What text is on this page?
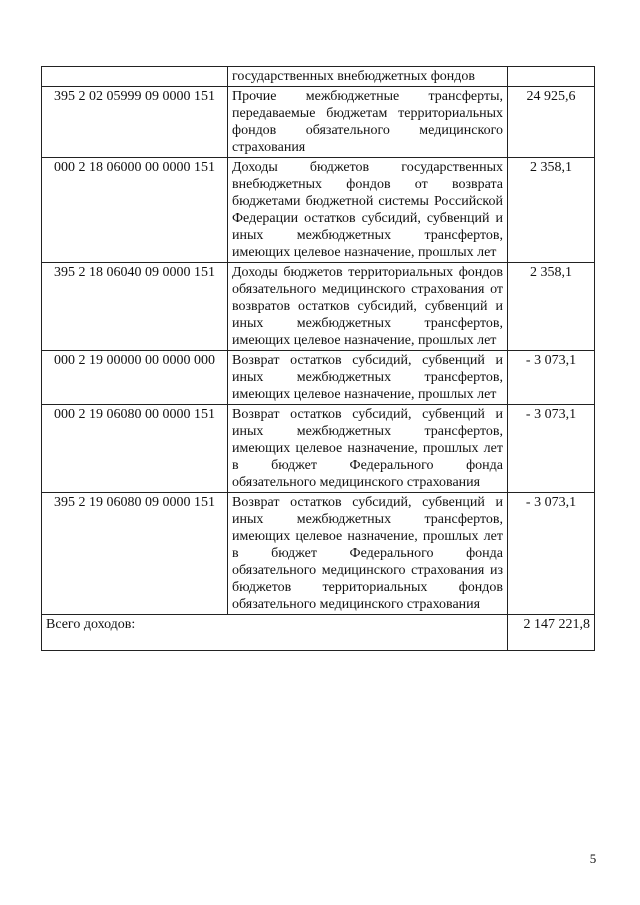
	государственных внебюджетных фондов	
395 2 02 05999 09 0000 151	Прочие межбюджетные трансферты, передаваемые бюджетам территориальных фондов обязательного медицинского страхования	24 925,6
000 2 18 06000 00 0000 151	Доходы бюджетов государственных внебюджетных фондов от возврата бюджетами бюджетной системы Российской Федерации остатков субсидий, субвенций и иных межбюджетных трансфертов, имеющих целевое назначение, прошлых лет	2 358,1
395 2 18 06040 09 0000 151	Доходы бюджетов территориальных фондов обязательного медицинского страхования от возвратов остатков субсидий, субвенций и иных межбюджетных трансфертов, имеющих целевое назначение, прошлых лет	2 358,1
000 2 19 00000 00 0000 000	Возврат остатков субсидий, субвенций и иных межбюджетных трансфертов, имеющих целевое назначение, прошлых лет	- 3 073,1
000 2 19 06080 00 0000 151	Возврат остатков субсидий, субвенций и иных межбюджетных трансфертов, имеющих целевое назначение, прошлых лет в бюджет Федерального фонда обязательного медицинского страхования	- 3 073,1
395 2 19 06080 09 0000 151	Возврат остатков субсидий, субвенций и иных межбюджетных трансфертов, имеющих целевое назначение, прошлых лет в бюджет Федерального фонда обязательного медицинского страхования из бюджетов территориальных фондов обязательного медицинского страхования	- 3 073,1
Всего доходов:		2 147 221,8
5
